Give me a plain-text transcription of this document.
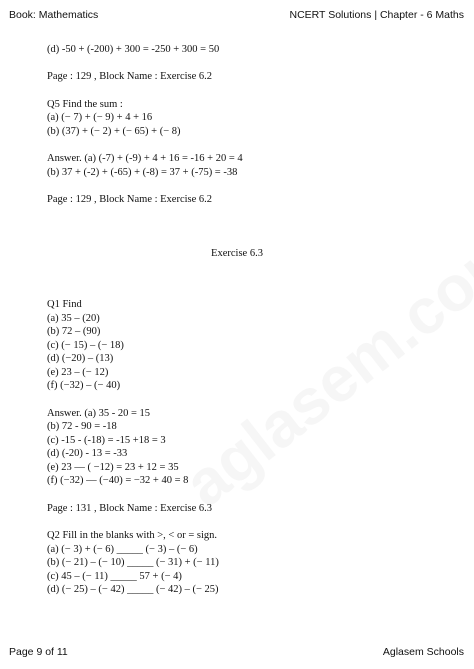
Book: Mathematics	NCERT Solutions | Chapter - 6 Maths
(d) -50 + (-200) + 300 = -250 + 300 = 50
Page : 129 , Block Name : Exercise 6.2
Q5 Find the sum :
(a) (− 7) + (− 9) + 4 + 16
(b) (37) + (− 2) + (− 65) + (− 8)
Answer. (a) (-7) + (-9) + 4 + 16 = -16 + 20 = 4
(b) 37 + (-2) + (-65) + (-8) = 37 + (-75) = -38
Page : 129 , Block Name : Exercise 6.2
Exercise 6.3
Q1 Find
(a) 35 – (20)
(b) 72 – (90)
(c) (− 15) – (− 18)
(d) (−20) – (13)
(e) 23 – (− 12)
(f) (−32) – (− 40)
Answer. (a) 35 - 20 = 15
(b) 72 - 90 = -18
(c) -15 - (-18) = -15 +18 = 3
(d) (-20) - 13 = -33
(e) 23 — ( −12) = 23 + 12 = 35
(f) (−32) — (−40) = −32 + 40 = 8
Page : 131 , Block Name : Exercise 6.3
Q2 Fill in the blanks with >, < or = sign.
(a) (− 3) + (− 6) _____ (− 3) – (− 6)
(b) (− 21) – (− 10) _____ (− 31) + (− 11)
(c) 45 – (− 11) _____ 57 + (− 4)
(d) (− 25) – (− 42) _____ (− 42) – (− 25)
Page 9 of 11	Aglasem Schools
